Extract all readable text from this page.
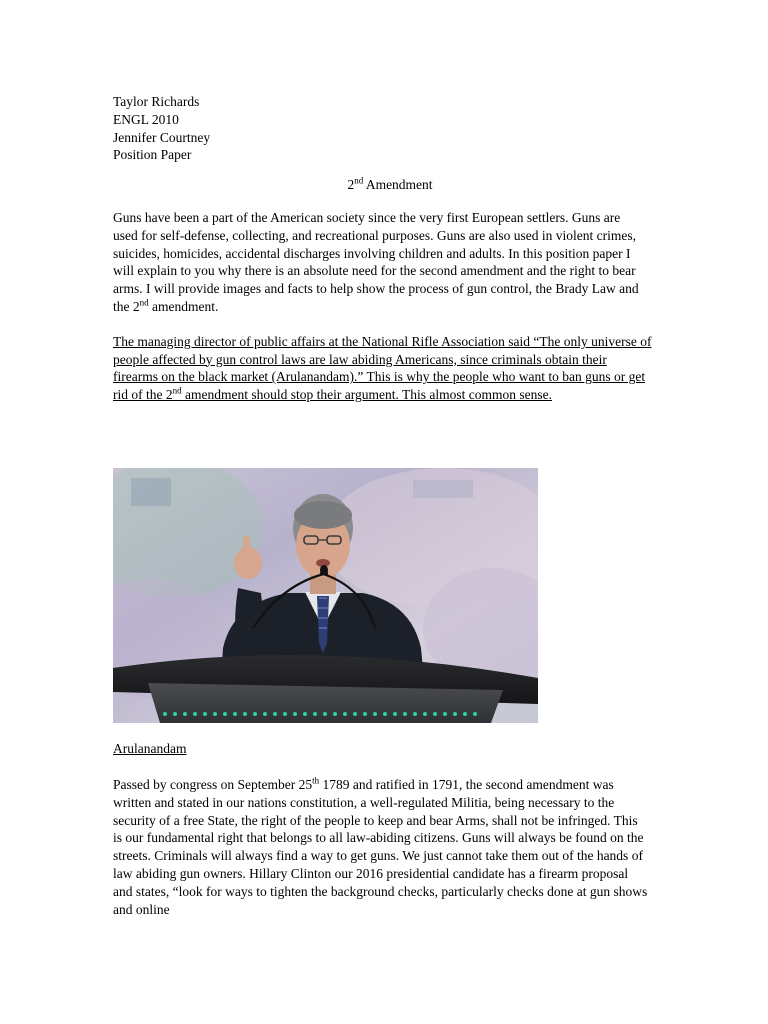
Taylor Richards
ENGL 2010
Jennifer Courtney
Position Paper
2nd Amendment

Guns have been a part of the American society since the very first European settlers. Guns are used for self-defense, collecting, and recreational purposes. Guns are also used in violent crimes, suicides, homicides, accidental discharges involving children and adults. In this position paper I will explain to you why there is an absolute need for the second amendment and the right to bear arms. I will provide images and facts to help show the process of gun control, the Brady Law and the 2nd amendment.

The managing director of public affairs at the National Rifle Association said “The only universe of people affected by gun control laws are law abiding Americans, since criminals obtain their firearms on the black market (Arulanandam).” This is why the people who want to ban guns or get rid of the 2nd amendment should stop their argument. This almost common sense.

Arulanandam

Passed by congress on September 25th 1789 and ratified in 1791, the second amendment was written and stated in our nations constitution, a well-regulated Militia, being necessary to the security of a free State, the right of the people to keep and bear Arms, shall not be infringed. This is our fundamental right that belongs to all law-abiding citizens. Guns will always be found on the streets. Criminals will always find a way to get guns. We just cannot take them out of the hands of law abiding gun owners. Hillary Clinton our 2016 presidential candidate has a firearm proposal and states, “look for ways to tighten the background checks, particularly checks done at gun shows and online
